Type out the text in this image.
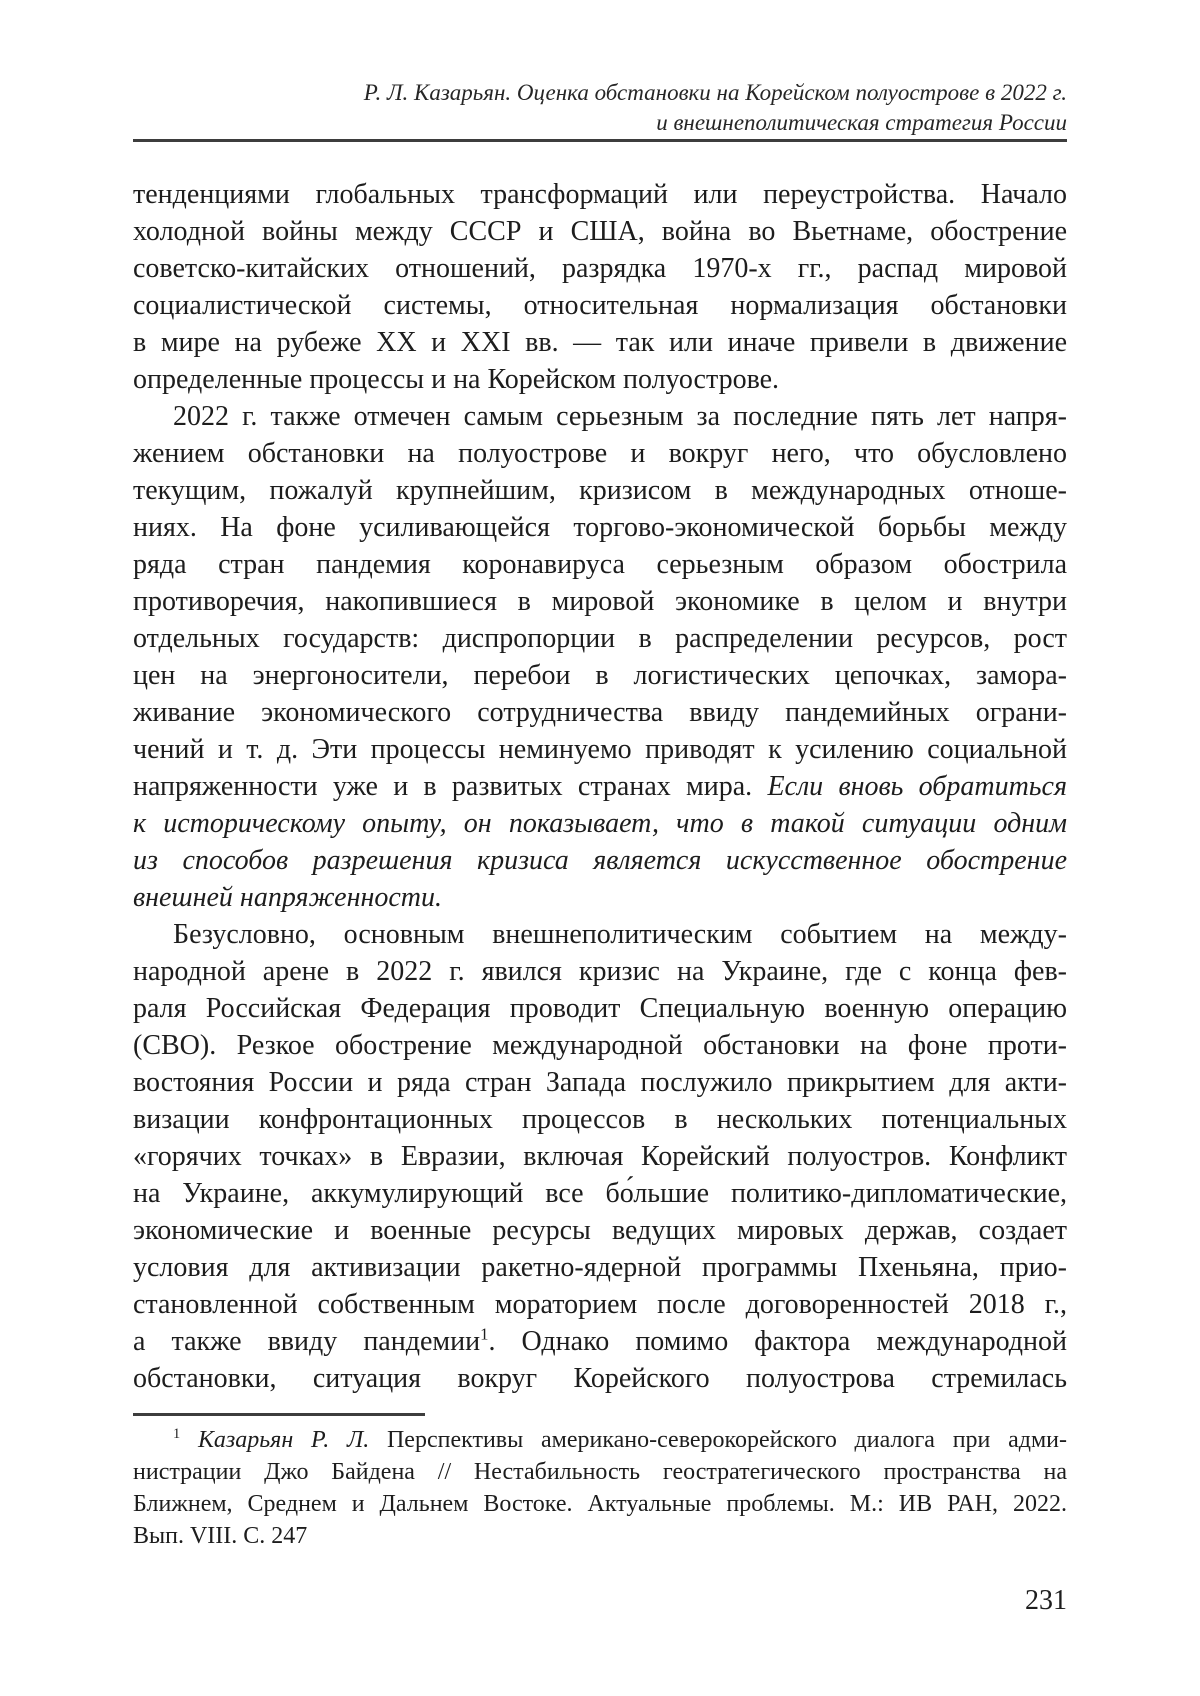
Р. Л. Казарьян. Оценка обстановки на Корейском полуострове в 2022 г.
и внешнеполитическая стратегия России
тенденциями глобальных трансформаций или переустройства. Начало
холодной войны между СССР и США, война во Вьетнаме, обострение
советско-китайских отношений, разрядка 1970-х гг., распад мировой
социалистической системы, относительная нормализация обстановки
в мире на рубеже XX и XXI вв. — так или иначе привели в движение
определенные процессы и на Корейском полуострове.
2022 г. также отмечен самым серьезным за последние пять лет напря-
жением обстановки на полуострове и вокруг него, что обусловлено
текущим, пожалуй крупнейшим, кризисом в международных отноше-
ниях. На фоне усиливающейся торгово-экономической борьбы между
ряда стран пандемия коронавируса серьезным образом обострила
противоречия, накопившиеся в мировой экономике в целом и внутри
отдельных государств: диспропорции в распределении ресурсов, рост
цен на энергоносители, перебои в логистических цепочках, замора-
живание экономического сотрудничества ввиду пандемийных ограни-
чений и т. д. Эти процессы неминуемо приводят к усилению социальной
напряженности уже и в развитых странах мира. Если вновь обратиться
к историческому опыту, он показывает, что в такой ситуации одним
из способов разрешения кризиса является искусственное обострение
внешней напряженности.
Безусловно, основным внешнеполитическим событием на между-
народной арене в 2022 г. явился кризис на Украине, где с конца фев-
раля Российская Федерация проводит Специальную военную операцию
(СВО). Резкое обострение международной обстановки на фоне проти-
востояния России и ряда стран Запада послужило прикрытием для акти-
визации конфронтационных процессов в нескольких потенциальных
«горячих точках» в Евразии, включая Корейский полуостров. Конфликт
на Украине, аккумулирующий все бо́льшие политико-дипломатические,
экономические и военные ресурсы ведущих мировых держав, создает
условия для активизации ракетно-ядерной программы Пхеньяна, прио-
становленной собственным мораторием после договоренностей 2018 г.,
а также ввиду пандемии$^1$. Однако помимо фактора международной
обстановки, ситуация вокруг Корейского полуострова стремилась
$^1$ Казарьян Р. Л. Перспективы американо-северокорейского диалога при адми-
нистрации Джо Байдена // Нестабильность геостратегического пространства на
Ближнем, Среднем и Дальнем Востоке. Актуальные проблемы. М.: ИВ РАН, 2022.
Вып. VIII. С. 247
231
